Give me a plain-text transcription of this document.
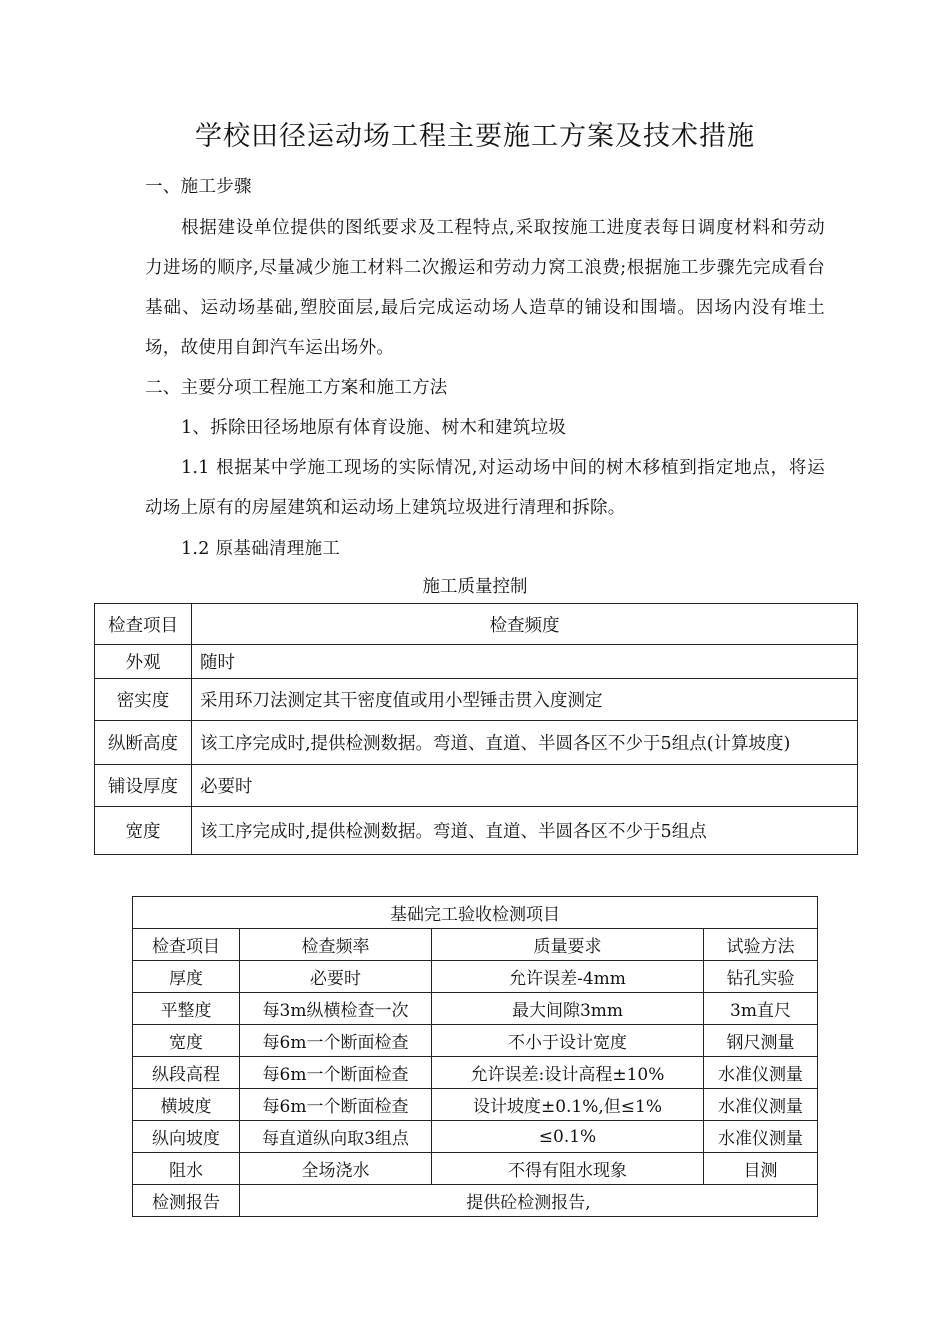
学校田径运动场工程主要施工方案及技术措施

一、施工步骤

根据建设单位提供的图纸要求及工程特点,采取按施工进度表每日调度材料和劳动力进场的顺序,尽量减少施工材料二次搬运和劳动力窝工浪费;根据施工步骤先完成看台基础、运动场基础,塑胶面层,最后完成运动场人造草的铺设和围墙。因场内没有堆土场，故使用自卸汽车运出场外。

二、主要分项工程施工方案和施工方法

1、拆除田径场地原有体育设施、树木和建筑垃圾

1.1 根据某中学施工现场的实际情况,对运动场中间的树木移植到指定地点，将运动场上原有的房屋建筑和运动场上建筑垃圾进行清理和拆除。

1.2 原基础清理施工

施工质量控制
检查项目	检查频度
外观	随时
密实度	采用环刀法测定其干密度值或用小型锤击贯入度测定
纵断高度	该工序完成时,提供检测数据。弯道、直道、半圆各区不少于5组点(计算坡度)
铺设厚度	必要时
宽度	该工序完成时,提供检测数据。弯道、直道、半圆各区不少于5组点
基础完工验收检测项目			
检查项目	检查频率	质量要求	试验方法
厚度	必要时	允许误差-4mm	钻孔实验
平整度	每3m纵横检查一次	最大间隙3mm	3m直尺
宽度	每6m一个断面检查	不小于设计宽度	钢尺测量
纵段高程	每6m一个断面检查	允许误差:设计高程±10%	水准仪测量
横坡度	每6m一个断面检查	设计坡度±0.1%,但≤1%	水准仪测量
纵向坡度	每直道纵向取3组点	≤0.1%	水准仪测量
阻水	全场浇水	不得有阻水现象	目测
检测报告	提供砼检测报告,		
